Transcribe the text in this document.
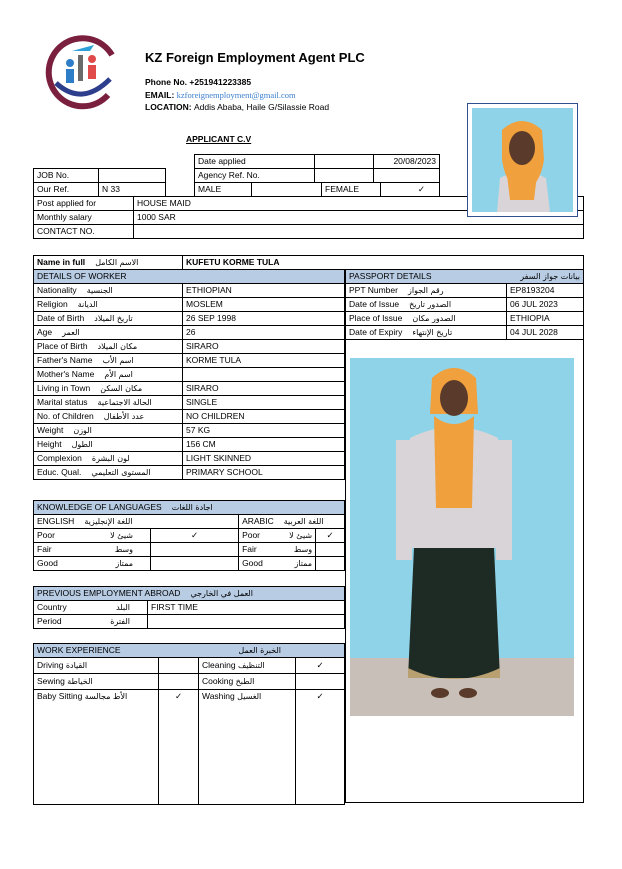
KZ Foreign Employment Agent PLC
Phone No. +251941223385
EMAIL: kzforeignemployment@gmail.com
LOCATION: Addis Ababa, Haile G/Silassie Road
APPLICANT C.V
Date applied		20/08/2023
Agency Ref. No.		
JOB No.	
Our Ref.	N 33	MALE		FEMALE	✓
Post applied for	HOUSE MAID
Monthly salary	1000 SAR
CONTACT NO.	
Name in full الاسم الكامل	KUFETU KORME TULA
DETAILS OF WORKER	
Nationality الجنسية	ETHIOPIAN
Religion الديانة	MOSLEM
Date of Birth تاريخ الميلاد	26 SEP 1998
Age العمر	26
Place of Birth مكان الميلاد	SIRARO
Father's Name اسم الأب	KORME TULA
Mother's Name اسم الأم	
Living in Town مكان السكن	SIRARO
Marital status الحالة الاجتماعية	SINGLE
No. of Children عدد الأطفال	NO CHILDREN
Weight الوزن	57 KG
Height الطول	156 CM
Complexion لون البشرة	LIGHT SKINNED
Educ. Qual. المستوى التعليمي	PRIMARY SCHOOL
PASSPORT DETAILS بيانات جواز السفر	

PPT Number رقم الجواز	EP8193204
Date of Issue الصدور تاريخ	06 JUL 2023
Place of Issue الصدور مكان	ETHIOPIA
Date of Expiry تاريخ الإنتهاء	04 JUL 2028
KNOWLEDGE OF LANGUAGES اجادة اللغات			
ENGLISH اللغة الإنجليزية		ARABIC اللغة العربية	
Poor شيئ لا	✓	Poor شيئ لا	✓
Fair وسط		Fair وسط	

Good ممتاز		Good ممتاز	

PREVIOUS EMPLOYMENT ABROAD العمل في الخارجي	
Country البلد	FIRST TIME
Period الفترة	

WORK EXPERIENCE الخبرة العمل			

Driving القيادة		Cleaning التنظيف	✓
Sewing الخياطة		Cooking الطبخ	
Baby Sitting الأط مجالسة	✓	Washing الغسيل	✓
